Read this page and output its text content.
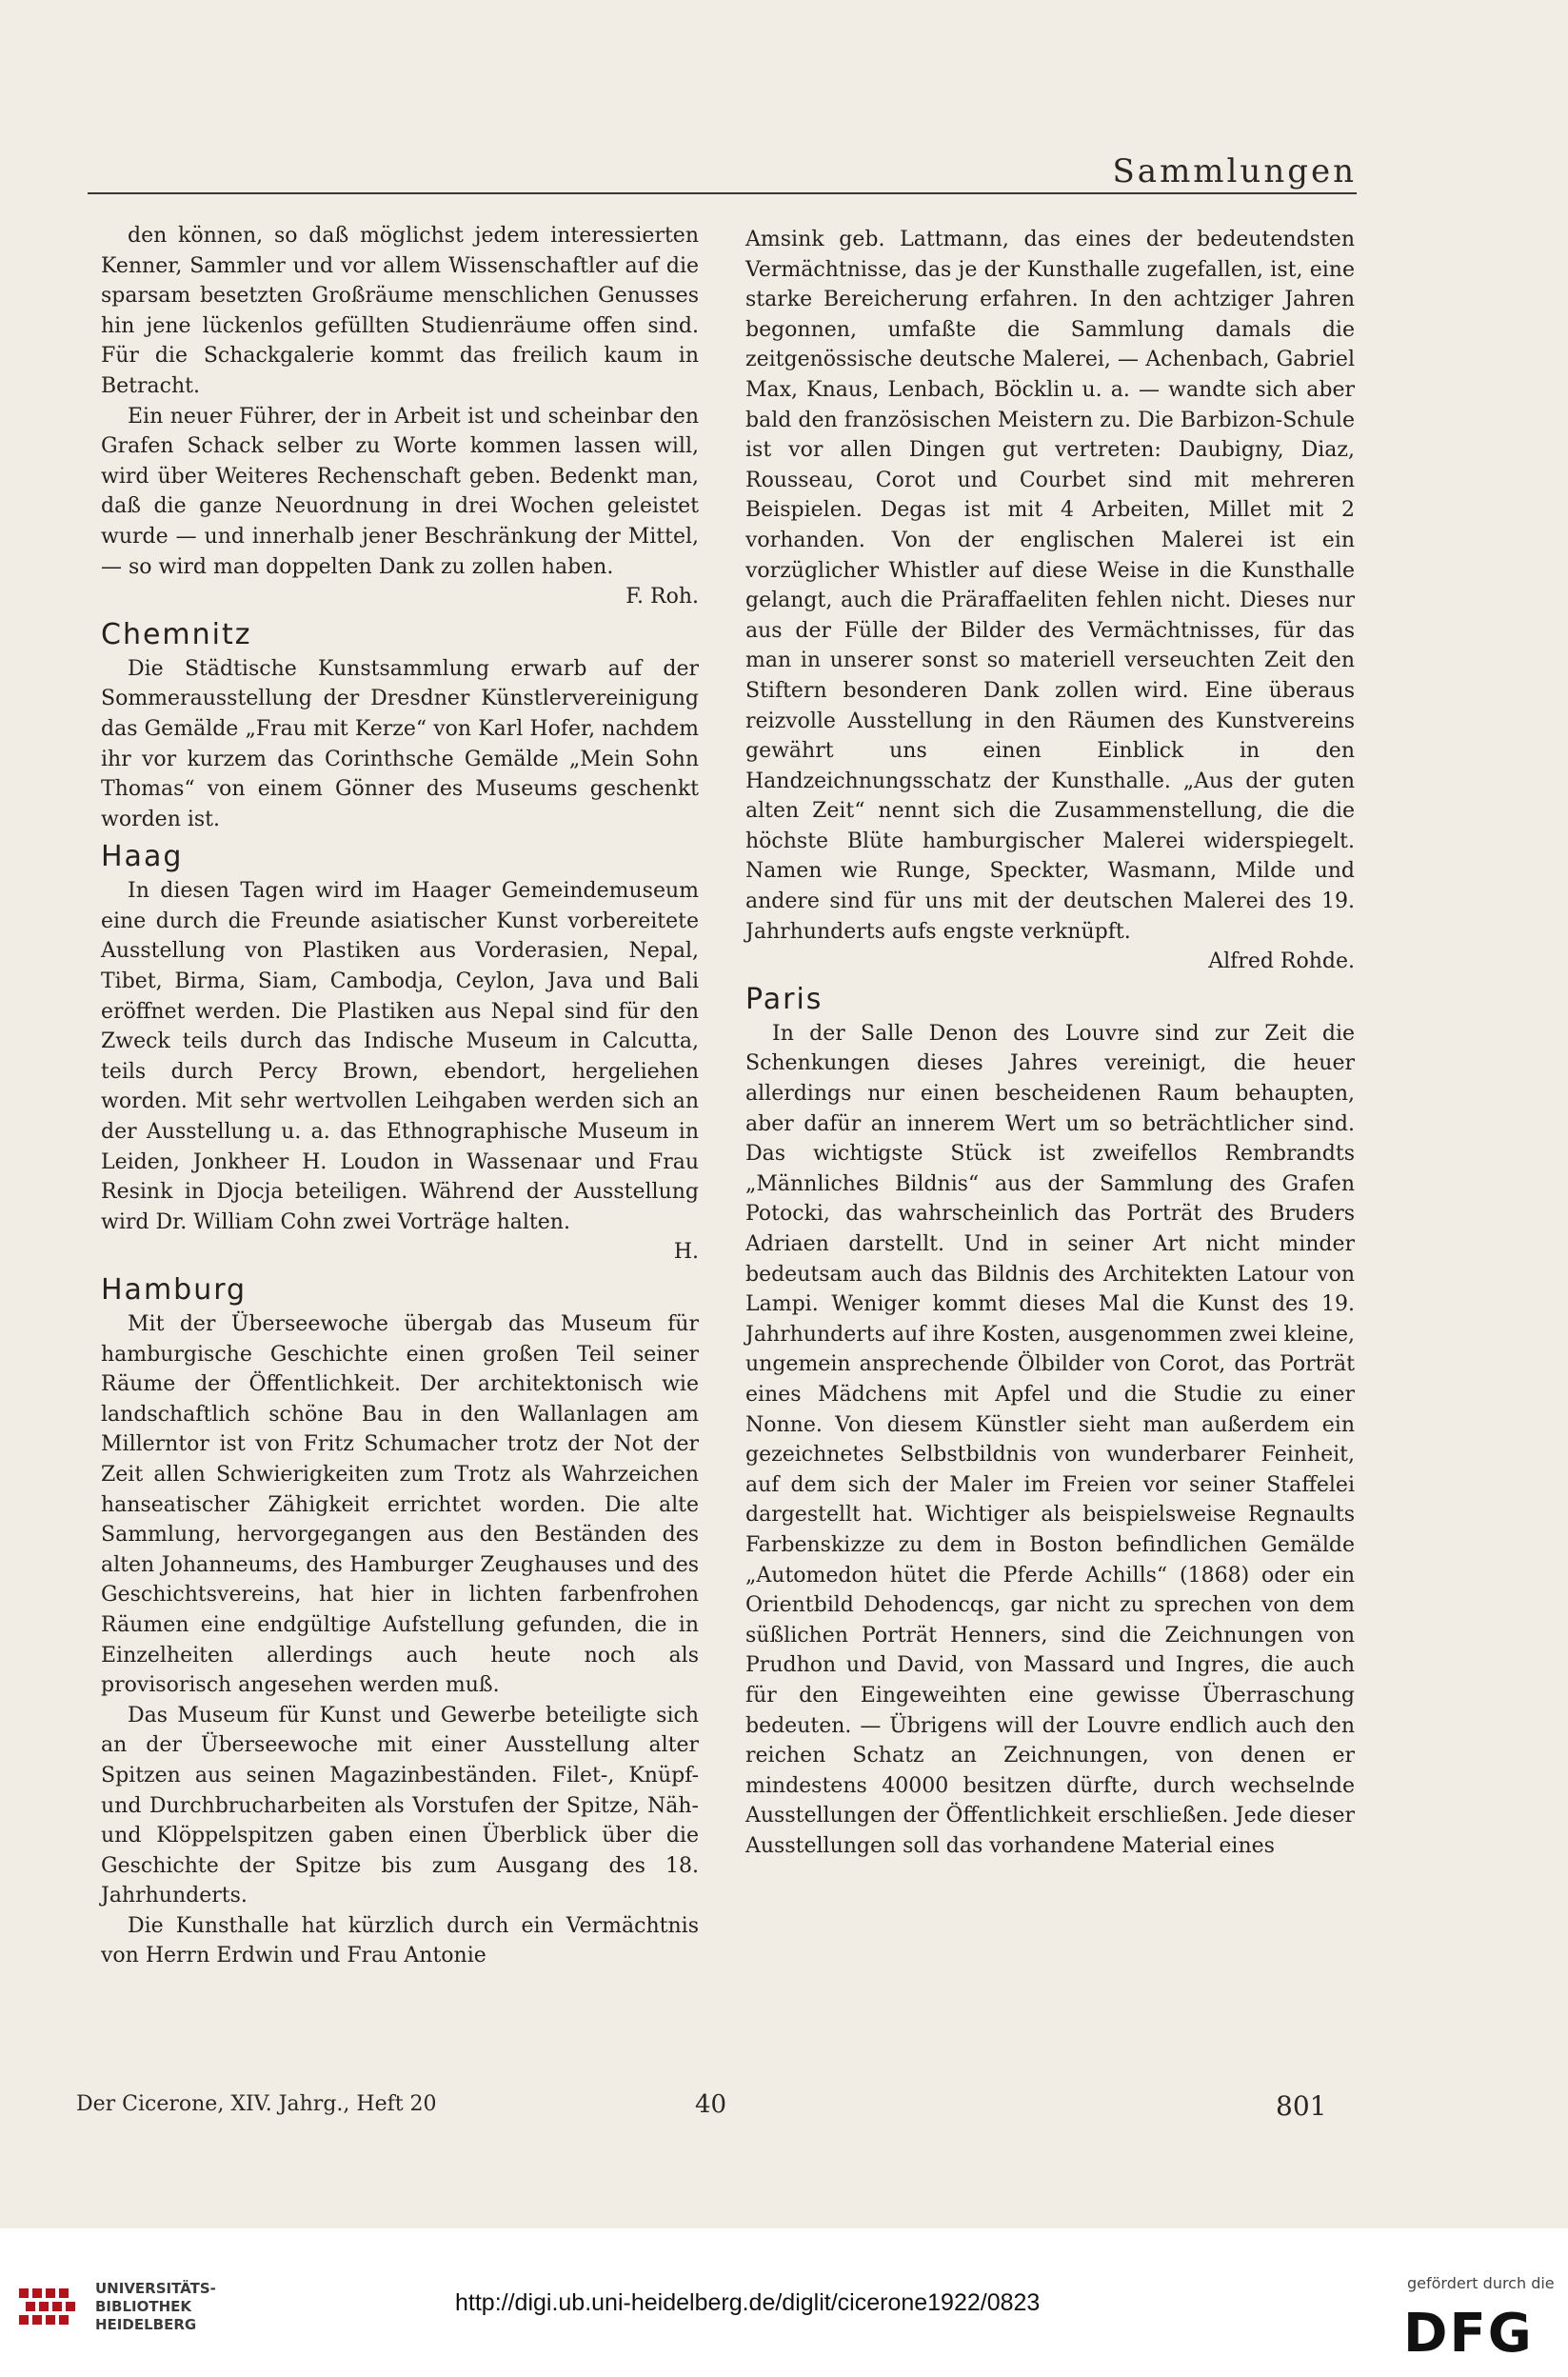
Sammlungen

den können, so daß möglichst jedem interessierten Kenner, Sammler und vor allem Wissenschaftler auf die sparsam besetzten Großräume menschlichen Genusses hin jene lückenlos gefüllten Studienräume offen sind. Für die Schackgalerie kommt das freilich kaum in Betracht.

Ein neuer Führer, der in Arbeit ist und scheinbar den Grafen Schack selber zu Worte kommen lassen will, wird über Weiteres Rechenschaft geben. Bedenkt man, daß die ganze Neuordnung in drei Wochen geleistet wurde — und innerhalb jener Beschränkung der Mittel, — so wird man doppelten Dank zu zollen haben.

F. Roh.

Chemnitz

Die Städtische Kunstsammlung erwarb auf der Sommerausstellung der Dresdner Künstlervereinigung das Gemälde „Frau mit Kerze“ von Karl Hofer, nachdem ihr vor kurzem das Corinthsche Gemälde „Mein Sohn Thomas“ von einem Gönner des Museums geschenkt worden ist.

Haag

In diesen Tagen wird im Haager Gemeindemuseum eine durch die Freunde asiatischer Kunst vorbereitete Ausstellung von Plastiken aus Vorderasien, Nepal, Tibet, Birma, Siam, Cambodja, Ceylon, Java und Bali eröffnet werden. Die Plastiken aus Nepal sind für den Zweck teils durch das Indische Museum in Calcutta, teils durch Percy Brown, ebendort, hergeliehen worden. Mit sehr wertvollen Leihgaben werden sich an der Ausstellung u. a. das Ethnographische Museum in Leiden, Jonkheer H. Loudon in Wassenaar und Frau Resink in Djocja beteiligen. Während der Ausstellung wird Dr. William Cohn zwei Vorträge halten.

H.

Hamburg

Mit der Überseewoche übergab das Museum für hamburgische Geschichte einen großen Teil seiner Räume der Öffentlichkeit. Der architektonisch wie landschaftlich schöne Bau in den Wallanlagen am Millerntor ist von Fritz Schumacher trotz der Not der Zeit allen Schwierigkeiten zum Trotz als Wahrzeichen hanseatischer Zähigkeit errichtet worden. Die alte Sammlung, hervorgegangen aus den Beständen des alten Johanneums, des Hamburger Zeughauses und des Geschichtsvereins, hat hier in lichten farbenfrohen Räumen eine endgültige Aufstellung gefunden, die in Einzelheiten allerdings auch heute noch als provisorisch angesehen werden muß.

Das Museum für Kunst und Gewerbe beteiligte sich an der Überseewoche mit einer Ausstellung alter Spitzen aus seinen Magazinbeständen. Filet-, Knüpf- und Durchbrucharbeiten als Vorstufen der Spitze, Näh- und Klöppelspitzen gaben einen Überblick über die Geschichte der Spitze bis zum Ausgang des 18. Jahrhunderts.

Die Kunsthalle hat kürzlich durch ein Vermächtnis von Herrn Erdwin und Frau Antonie

Amsink geb. Lattmann, das eines der bedeutendsten Vermächtnisse, das je der Kunsthalle zugefallen, ist, eine starke Bereicherung erfahren. In den achtziger Jahren begonnen, umfaßte die Sammlung damals die zeitgenössische deutsche Malerei, — Achenbach, Gabriel Max, Knaus, Lenbach, Böcklin u. a. — wandte sich aber bald den französischen Meistern zu. Die Barbizon-Schule ist vor allen Dingen gut vertreten: Daubigny, Diaz, Rousseau, Corot und Courbet sind mit mehreren Beispielen. Degas ist mit 4 Arbeiten, Millet mit 2 vorhanden. Von der englischen Malerei ist ein vorzüglicher Whistler auf diese Weise in die Kunsthalle gelangt, auch die Präraffaeliten fehlen nicht. Dieses nur aus der Fülle der Bilder des Vermächtnisses, für das man in unserer sonst so materiell verseuchten Zeit den Stiftern besonderen Dank zollen wird. Eine überaus reizvolle Ausstellung in den Räumen des Kunstvereins gewährt uns einen Einblick in den Handzeichnungsschatz der Kunsthalle. „Aus der guten alten Zeit“ nennt sich die Zusammenstellung, die die höchste Blüte hamburgischer Malerei widerspiegelt. Namen wie Runge, Speckter, Wasmann, Milde und andere sind für uns mit der deutschen Malerei des 19. Jahrhunderts aufs engste verknüpft.

Alfred Rohde.

Paris

In der Salle Denon des Louvre sind zur Zeit die Schenkungen dieses Jahres vereinigt, die heuer allerdings nur einen bescheidenen Raum behaupten, aber dafür an innerem Wert um so beträchtlicher sind. Das wichtigste Stück ist zweifellos Rembrandts „Männliches Bildnis“ aus der Sammlung des Grafen Potocki, das wahrscheinlich das Porträt des Bruders Adriaen darstellt. Und in seiner Art nicht minder bedeutsam auch das Bildnis des Architekten Latour von Lampi. Weniger kommt dieses Mal die Kunst des 19. Jahrhunderts auf ihre Kosten, ausgenommen zwei kleine, ungemein ansprechende Ölbilder von Corot, das Porträt eines Mädchens mit Apfel und die Studie zu einer Nonne. Von diesem Künstler sieht man außerdem ein gezeichnetes Selbstbildnis von wunderbarer Feinheit, auf dem sich der Maler im Freien vor seiner Staffelei dargestellt hat. Wichtiger als beispielsweise Regnaults Farbenskizze zu dem in Boston befindlichen Gemälde „Automedon hütet die Pferde Achills“ (1868) oder ein Orientbild Dehodencqs, gar nicht zu sprechen von dem süßlichen Porträt Henners, sind die Zeichnungen von Prudhon und David, von Massard und Ingres, die auch für den Eingeweihten eine gewisse Überraschung bedeuten. — Übrigens will der Louvre endlich auch den reichen Schatz an Zeichnungen, von denen er mindestens 40000 besitzen dürfte, durch wechselnde Ausstellungen der Öffentlichkeit erschließen. Jede dieser Ausstellungen soll das vorhandene Material eines

Der Cicerone, XIV. Jahrg., Heft 20	40	801
UNIVERSITÄTS-
BIBLIOTHEK
HEIDELBERG
http://digi.ub.uni-heidelberg.de/diglit/cicerone1922/0823
gefördert durch die
DFG
